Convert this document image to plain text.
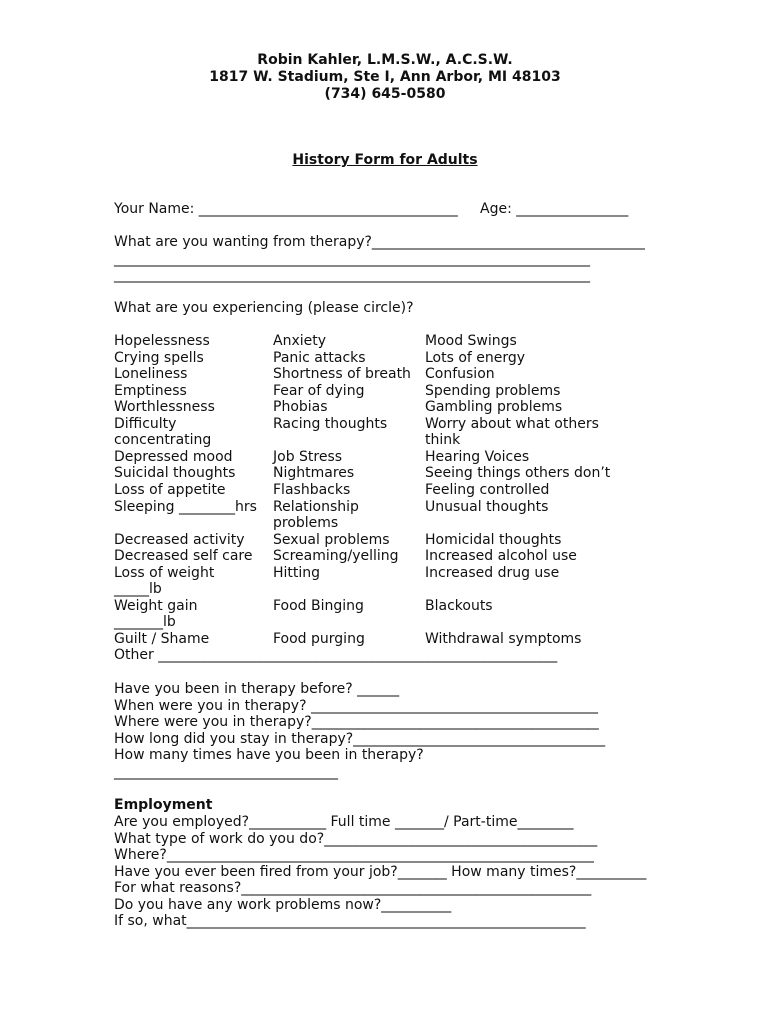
Robin Kahler, L.M.S.W., A.C.S.W.
1817 W. Stadium, Ste I, Ann Arbor, MI 48103
(734) 645-0580
History Form for Adults
Your Name: _____________________________________     Age: ________________
What are you wanting from therapy?_______________________________________
____________________________________________________________________
____________________________________________________________________
What are you experiencing (please circle)?
Hopelessness
Crying spells
Loneliness
Emptiness
Worthlessness
Difficulty
concentrating
Depressed mood
Suicidal thoughts
Loss of appetite
Sleeping ________hrs
Decreased activity
Decreased self care
Loss of weight
_____lb
Weight gain
_______lb
Guilt / Shame
Other _________________________________________________________
Anxiety
Panic attacks
Shortness of breath
Fear of dying
Phobias
Racing thoughts
Job Stress
Nightmares
Flashbacks
Relationship
problems
Sexual problems
Screaming/yelling
Hitting
Food Binging
Food purging
Mood Swings
Lots of energy
Confusion
Spending problems
Gambling problems
Worry about what others
think
Hearing Voices
Seeing things others don’t
Feeling controlled
Unusual thoughts
Homicidal thoughts
Increased alcohol use
Increased drug use
Blackouts
Withdrawal symptoms
Have you been in therapy before? ______
When were you in therapy? _________________________________________
Where were you in therapy?_________________________________________
How long did you stay in therapy?____________________________________
How many times have you been in therapy?
________________________________
Employment
Are you employed?___________ Full time _______/ Part-time________
What type of work do you do?_______________________________________
Where?_____________________________________________________________
Have you ever been fired from your job?_______ How many times?__________
For what reasons?__________________________________________________
Do you have any work problems now?__________
If so, what_________________________________________________________
